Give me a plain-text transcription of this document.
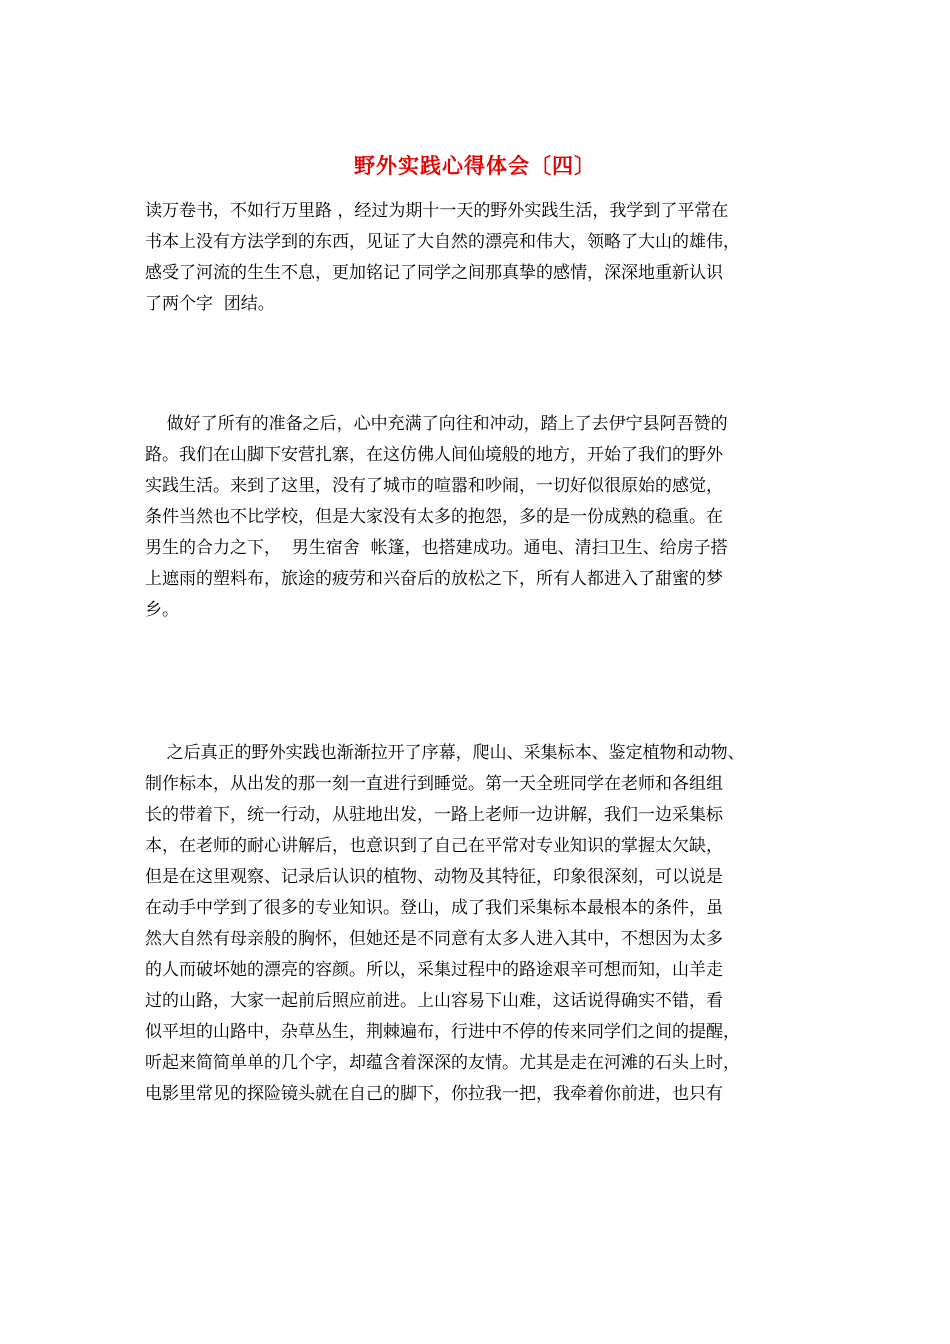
野外实践心得体会〔四〕
读万卷书，不如行万里路 ，经过为期十一天的野外实践生活，我学到了平常在
书本上没有方法学到的东西，见证了大自然的漂亮和伟大，领略了大山的雄伟，
感受了河流的生生不息，更加铭记了同学之间那真挚的感情，深深地重新认识
了两个字  团结。
做好了所有的准备之后，心中充满了向往和冲动，踏上了去伊宁县阿吾赞的
路。我们在山脚下安营扎寨，在这仿佛人间仙境般的地方，开始了我们的野外
实践生活。来到了这里，没有了城市的喧嚣和吵闹，一切好似很原始的感觉，
条件当然也不比学校，但是大家没有太多的抱怨，多的是一份成熟的稳重。在
男生的合力之下，  男生宿舍  帐篷，也搭建成功。通电、清扫卫生、给房子搭
上遮雨的塑料布，旅途的疲劳和兴奋后的放松之下，所有人都进入了甜蜜的梦
乡。
之后真正的野外实践也渐渐拉开了序幕，爬山、采集标本、鉴定植物和动物、
制作标本，从出发的那一刻一直进行到睡觉。第一天全班同学在老师和各组组
长的带着下，统一行动，从驻地出发，一路上老师一边讲解，我们一边采集标
本，在老师的耐心讲解后，也意识到了自己在平常对专业知识的掌握太欠缺，
但是在这里观察、记录后认识的植物、动物及其特征，印象很深刻，可以说是
在动手中学到了很多的专业知识。登山，成了我们采集标本最根本的条件，虽
然大自然有母亲般的胸怀，但她还是不同意有太多人进入其中，不想因为太多
的人而破坏她的漂亮的容颜。所以，采集过程中的路途艰辛可想而知，山羊走
过的山路，大家一起前后照应前进。上山容易下山难，这话说得确实不错，看
似平坦的山路中，杂草丛生，荆棘遍布，行进中不停的传来同学们之间的提醒，
听起来简简单单的几个字，却蕴含着深深的友情。尤其是走在河滩的石头上时，
电影里常见的探险镜头就在自己的脚下，你拉我一把，我牵着你前进，也只有
